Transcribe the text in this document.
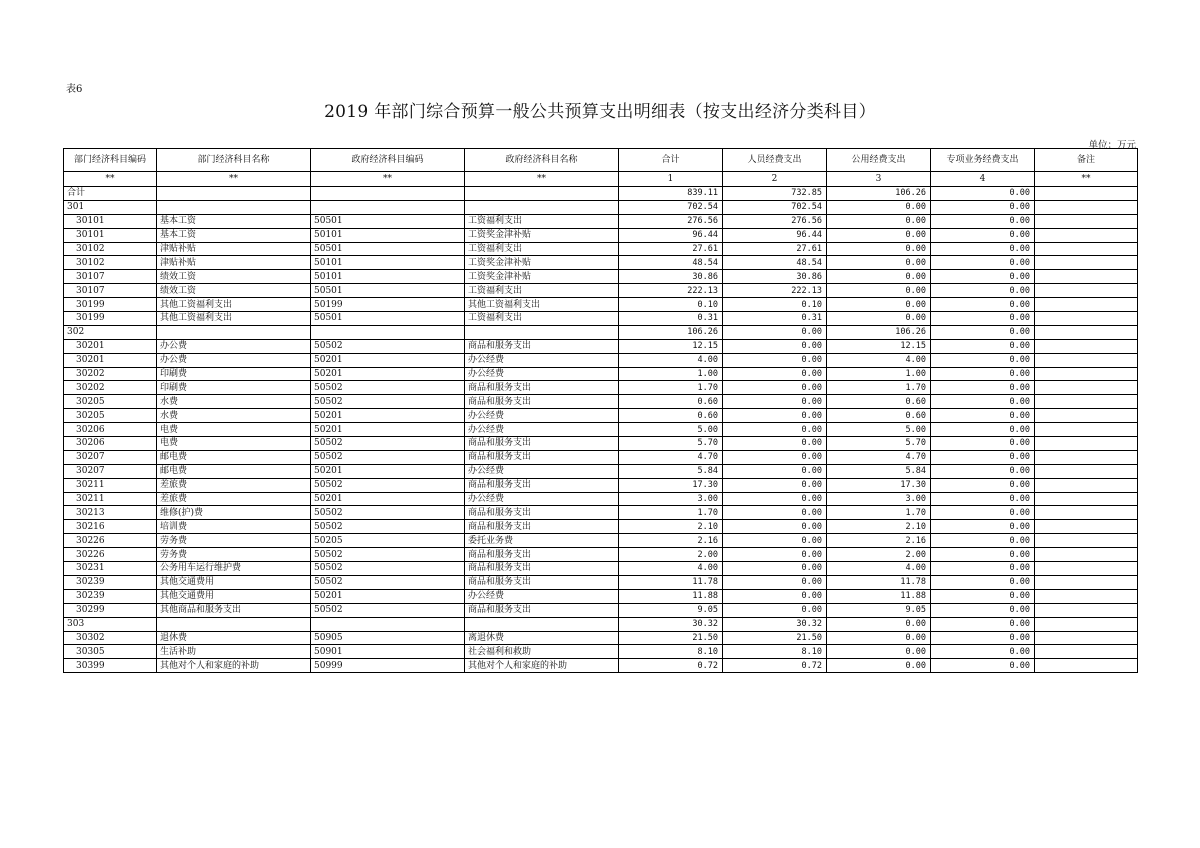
表6
2019 年部门综合预算一般公共预算支出明细表（按支出经济分类科目）
单位：万元
部门经济科目编码	部门经济科目名称	政府经济科目编码	政府经济科目名称	合计	人员经费支出	公用经费支出	专项业务经费支出	备注
**	**	**	**	1	2	3	4	**
合计				839.11	732.85	106.26	0.00	
301				702.54	702.54	0.00	0.00	
30101	基本工资	50501	工资福利支出	276.56	276.56	0.00	0.00	
30101	基本工资	50101	工资奖金津补贴	96.44	96.44	0.00	0.00	
30102	津贴补贴	50501	工资福利支出	27.61	27.61	0.00	0.00	
30102	津贴补贴	50101	工资奖金津补贴	48.54	48.54	0.00	0.00	
30107	绩效工资	50101	工资奖金津补贴	30.86	30.86	0.00	0.00	
30107	绩效工资	50501	工资福利支出	222.13	222.13	0.00	0.00	
30199	其他工资福利支出	50199	其他工资福利支出	0.10	0.10	0.00	0.00	
30199	其他工资福利支出	50501	工资福利支出	0.31	0.31	0.00	0.00	
302				106.26	0.00	106.26	0.00	
30201	办公费	50502	商品和服务支出	12.15	0.00	12.15	0.00	
30201	办公费	50201	办公经费	4.00	0.00	4.00	0.00	
30202	印刷费	50201	办公经费	1.00	0.00	1.00	0.00	
30202	印刷费	50502	商品和服务支出	1.70	0.00	1.70	0.00	
30205	水费	50502	商品和服务支出	0.60	0.00	0.60	0.00	
30205	水费	50201	办公经费	0.60	0.00	0.60	0.00	
30206	电费	50201	办公经费	5.00	0.00	5.00	0.00	
30206	电费	50502	商品和服务支出	5.70	0.00	5.70	0.00	
30207	邮电费	50502	商品和服务支出	4.70	0.00	4.70	0.00	
30207	邮电费	50201	办公经费	5.84	0.00	5.84	0.00	
30211	差旅费	50502	商品和服务支出	17.30	0.00	17.30	0.00	
30211	差旅费	50201	办公经费	3.00	0.00	3.00	0.00	
30213	维修(护)费	50502	商品和服务支出	1.70	0.00	1.70	0.00	
30216	培训费	50502	商品和服务支出	2.10	0.00	2.10	0.00	
30226	劳务费	50205	委托业务费	2.16	0.00	2.16	0.00	
30226	劳务费	50502	商品和服务支出	2.00	0.00	2.00	0.00	
30231	公务用车运行维护费	50502	商品和服务支出	4.00	0.00	4.00	0.00	
30239	其他交通费用	50502	商品和服务支出	11.78	0.00	11.78	0.00	
30239	其他交通费用	50201	办公经费	11.88	0.00	11.88	0.00	
30299	其他商品和服务支出	50502	商品和服务支出	9.05	0.00	9.05	0.00	
303				30.32	30.32	0.00	0.00	
30302	退休费	50905	离退休费	21.50	21.50	0.00	0.00	
30305	生活补助	50901	社会福利和救助	8.10	8.10	0.00	0.00	
30399	其他对个人和家庭的补助	50999	其他对个人和家庭的补助	0.72	0.72	0.00	0.00	
